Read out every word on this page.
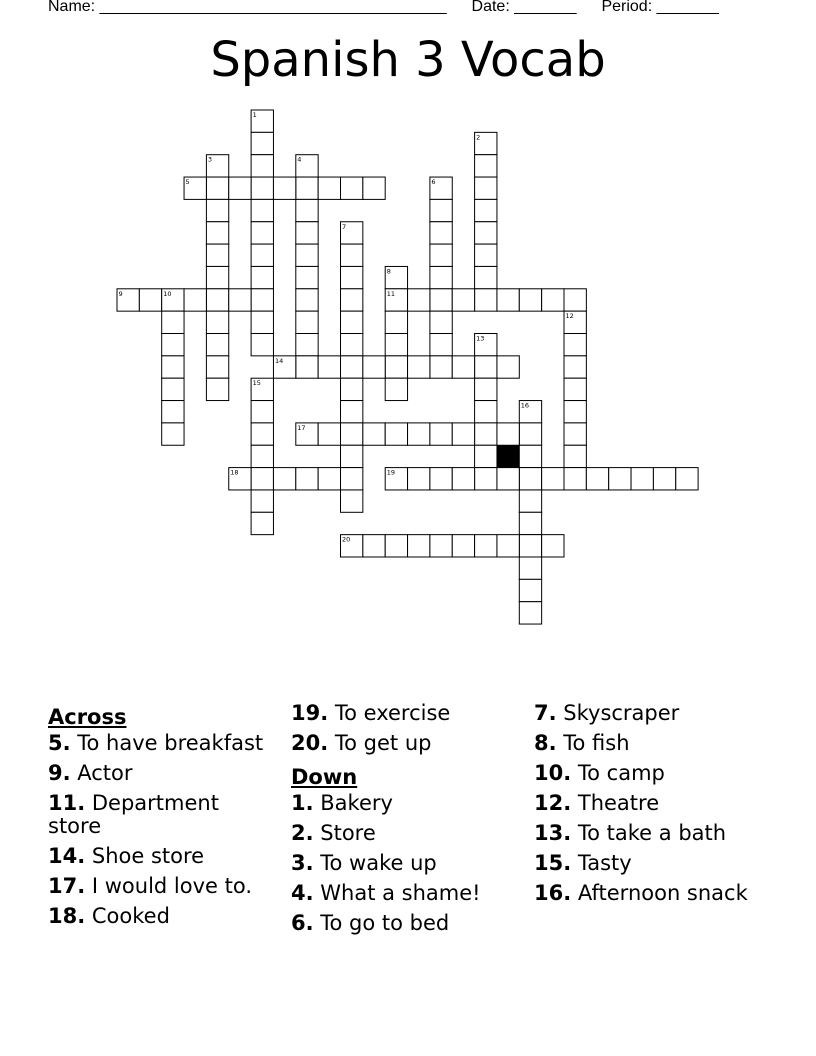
Name: _______________________________________ Date: _______ Period: _______
Spanish 3 Vocab
1
2
3	4
5	6
7
8
9	10	11
12
13
14
15
16
17
18	19
20
Across
5. To have breakfast
9. Actor
11. Department store
14. Shoe store
17. I would love to.
18. Cooked
19. To exercise
20. To get up
Down
1. Bakery
2. Store
3. To wake up
4. What a shame!
6. To go to bed
7. Skyscraper
8. To fish
10. To camp
12. Theatre
13. To take a bath
15. Tasty
16. Afternoon snack
